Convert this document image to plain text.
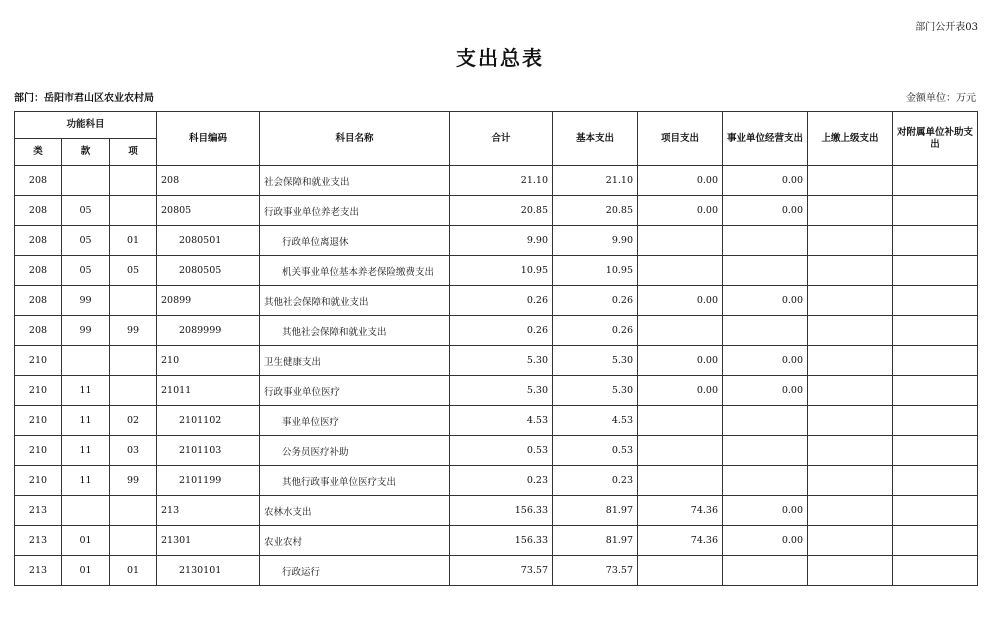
部门公开表03
支出总表
部门：岳阳市君山区农业农村局	金额单位：万元
功能科目			科目编码	科目名称	合计	基本支出	项目支出	事业单位经营支出	上缴上级支出	对附属单位补助支出
类	款	项								
208			208	社会保障和就业支出	21.10	21.10	0.00	0.00		
208	05		20805	行政事业单位养老支出	20.85	20.85	0.00	0.00		
208	05	01	2080501	行政单位离退休	9.90	9.90				
208	05	05	2080505	机关事业单位基本养老保险缴费支出	10.95	10.95				
208	99		20899	其他社会保障和就业支出	0.26	0.26	0.00	0.00		
208	99	99	2089999	其他社会保障和就业支出	0.26	0.26				
210			210	卫生健康支出	5.30	5.30	0.00	0.00		
210	11		21011	行政事业单位医疗	5.30	5.30	0.00	0.00		
210	11	02	2101102	事业单位医疗	4.53	4.53				
210	11	03	2101103	公务员医疗补助	0.53	0.53				
210	11	99	2101199	其他行政事业单位医疗支出	0.23	0.23				
213			213	农林水支出	156.33	81.97	74.36	0.00		
213	01		21301	农业农村	156.33	81.97	74.36	0.00		
213	01	01	2130101	行政运行	73.57	73.57				
